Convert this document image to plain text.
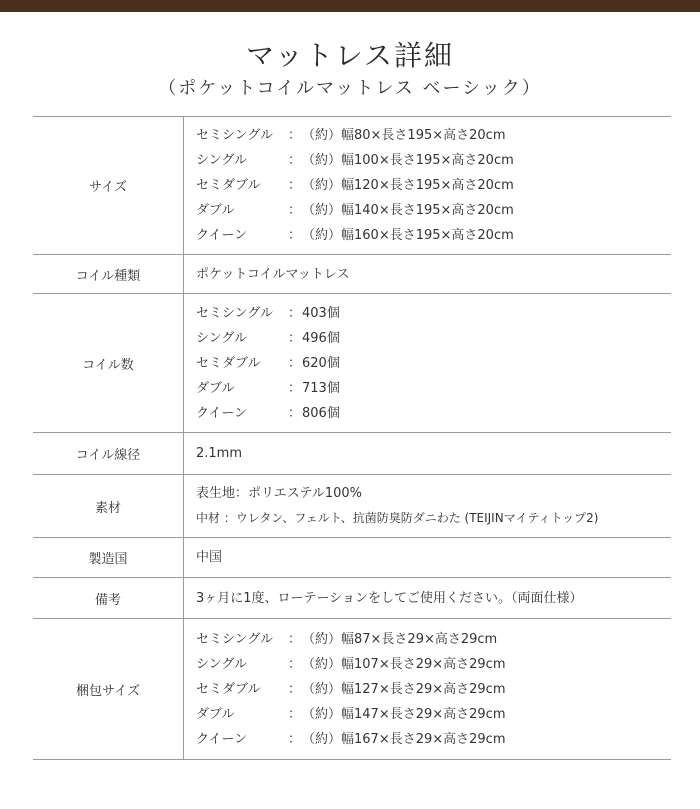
マットレス詳細
（ポケットコイルマットレス ベーシック）
サイズ	セミシングル ：（約）幅80×長さ195×高さ20cm
シングル ：（約）幅100×長さ195×高さ20cm
セミダブル ：（約）幅120×長さ195×高さ20cm
ダブル ：（約）幅140×長さ195×高さ20cm
クイーン ：（約）幅160×長さ195×高さ20cm

コイル種類	ポケットコイルマットレス

コイル数	セミシングル ：403個
シングル ：496個
セミダブル ：620個
ダブル ：713個
クイーン ：806個

コイル線径	2.1mm

素材	表生地：ポリエステル100%
中材 ：ウレタン、フェルト、抗菌防臭防ダニわた (TEIJINマイティトップ2)

製造国	中国

備考	3ヶ月に1度、ローテーションをしてご使用ください。（両面仕様）

梱包サイズ	セミシングル ：（約）幅87×長さ29×高さ29cm
シングル ：（約）幅107×長さ29×高さ29cm
セミダブル ：（約）幅127×長さ29×高さ29cm
ダブル ：（約）幅147×長さ29×高さ29cm
クイーン ：（約）幅167×長さ29×高さ29cm
